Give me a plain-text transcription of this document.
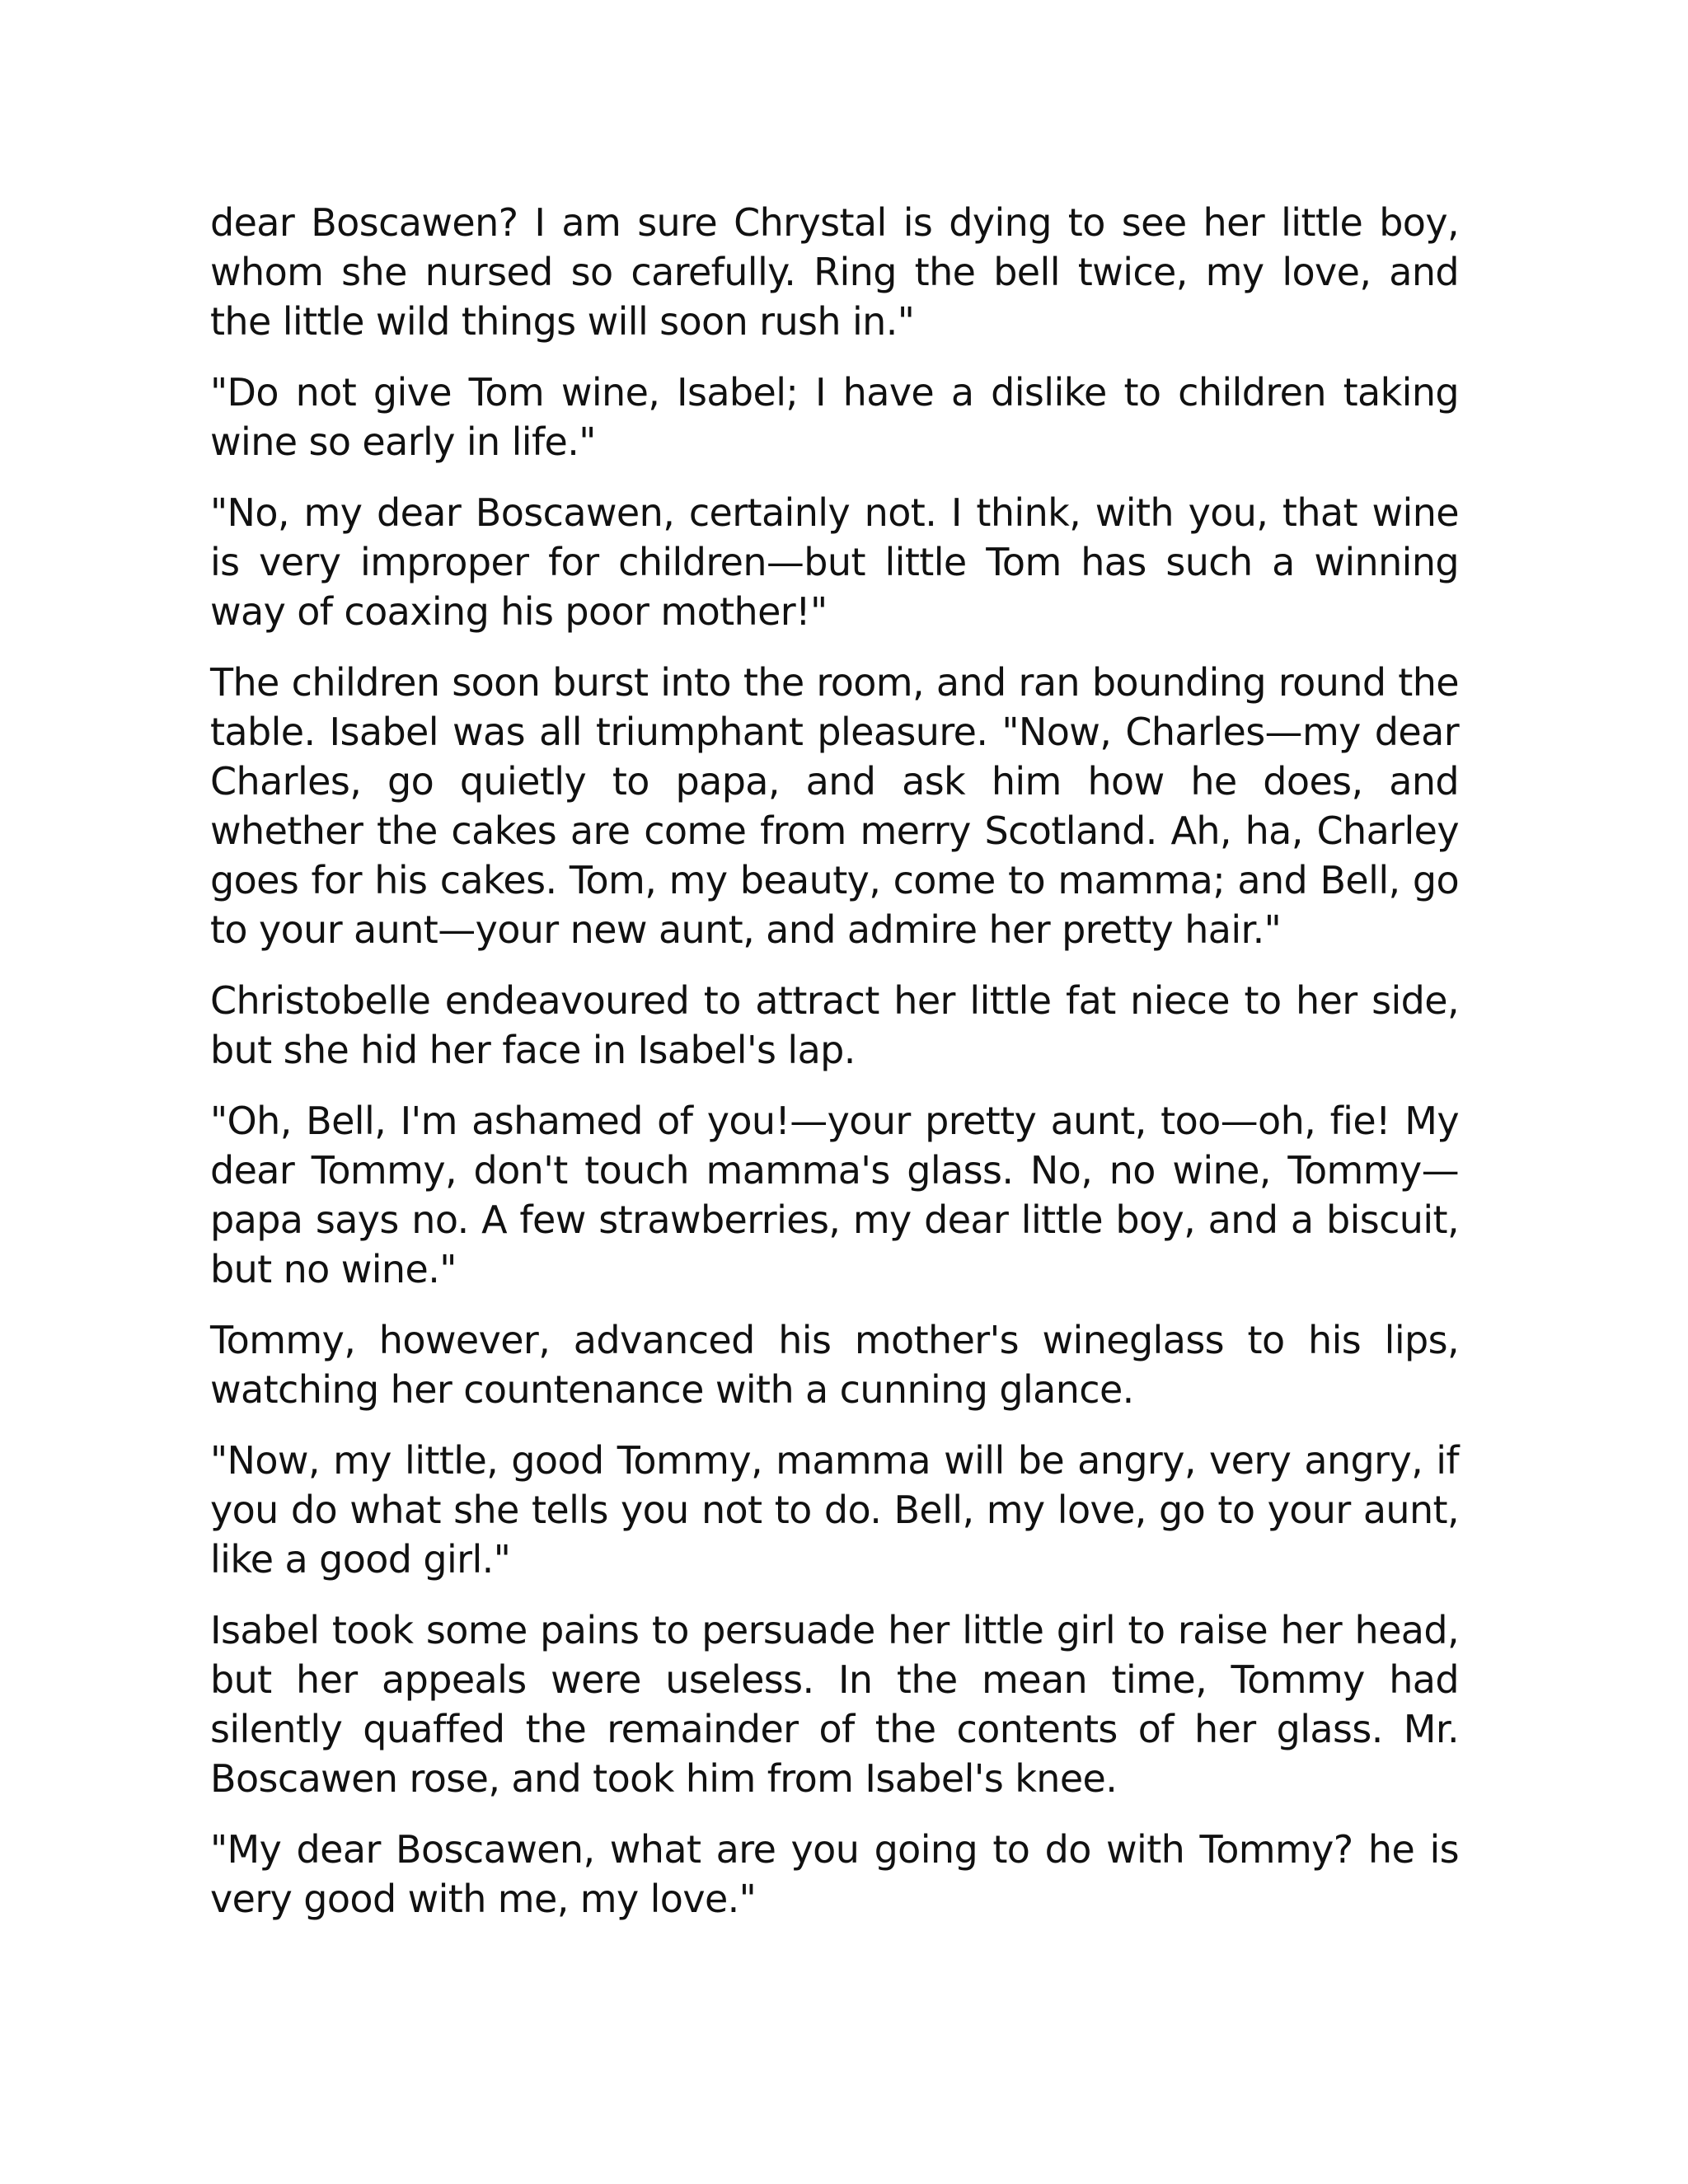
dear Boscawen? I am sure Chrystal is dying to see her little boy, whom she nursed so carefully. Ring the bell twice, my love, and the little wild things will soon rush in."

"Do not give Tom wine, Isabel; I have a dislike to children taking wine so early in life."

"No, my dear Boscawen, certainly not. I think, with you, that wine is very improper for children—but little Tom has such a winning way of coaxing his poor mother!"

The children soon burst into the room, and ran bounding round the table. Isabel was all triumphant pleasure. "Now, Charles—my dear Charles, go quietly to papa, and ask him how he does, and whether the cakes are come from merry Scotland. Ah, ha, Charley goes for his cakes. Tom, my beauty, come to mamma; and Bell, go to your aunt—your new aunt, and admire her pretty hair."

Christobelle endeavoured to attract her little fat niece to her side, but she hid her face in Isabel's lap.

"Oh, Bell, I'm ashamed of you!—your pretty aunt, too—oh, fie! My dear Tommy, don't touch mamma's glass. No, no wine, Tommy—papa says no. A few strawberries, my dear little boy, and a biscuit, but no wine."

Tommy, however, advanced his mother's wineglass to his lips, watching her countenance with a cunning glance.

"Now, my little, good Tommy, mamma will be angry, very angry, if you do what she tells you not to do. Bell, my love, go to your aunt, like a good girl."

Isabel took some pains to persuade her little girl to raise her head, but her appeals were useless. In the mean time, Tommy had silently quaffed the remainder of the contents of her glass. Mr. Boscawen rose, and took him from Isabel's knee.

"My dear Boscawen, what are you going to do with Tommy? he is very good with me, my love."
